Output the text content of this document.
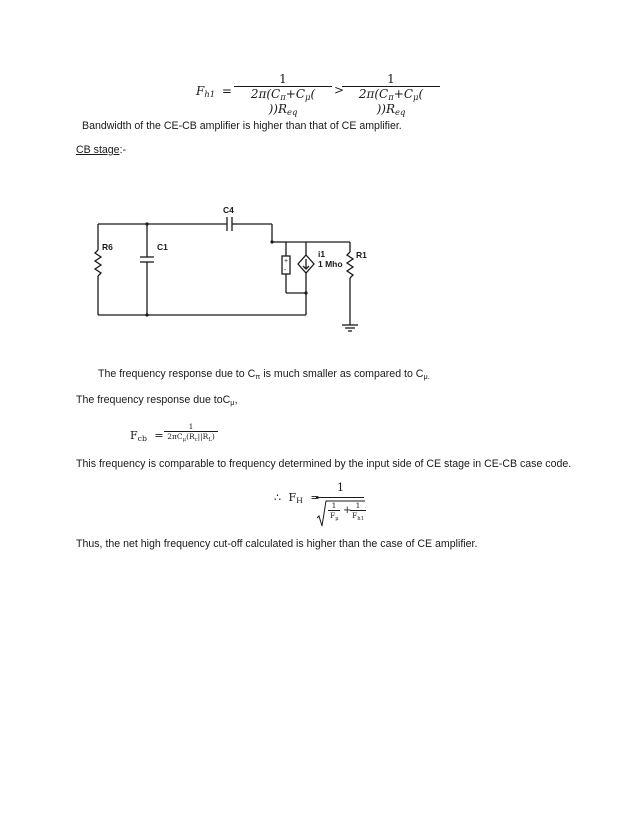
$F_{h1}$ =
1
$2\pi(C_\pi+C_\mu$( ))$R_{eq}$
>
1
$2\pi(C_\pi+C_\mu$( ))$R_{eq}$
Bandwidth of the CE-CB amplifier is higher than that of CE amplifier.
CB stage:-
+
-
C4
R6	C1
i1
1 Mho
R1
The frequency response due to $C_\pi$ is much smaller as compared to $C_{\mu.}$
The frequency response due toC$_\mu$,
$F_{cb}$ =
1
$2\pi C_\mu(R_c||R_L)$
This frequency is comparable to frequency determined by the input side of CE stage in CE-CB case code.
∴ $F_H$ =
1
$\frac{1}{F_\mu}$ +
$\frac{1}{F_{h1}}$
Thus, the net high frequency cut-off calculated is higher than the case of CE amplifier.
